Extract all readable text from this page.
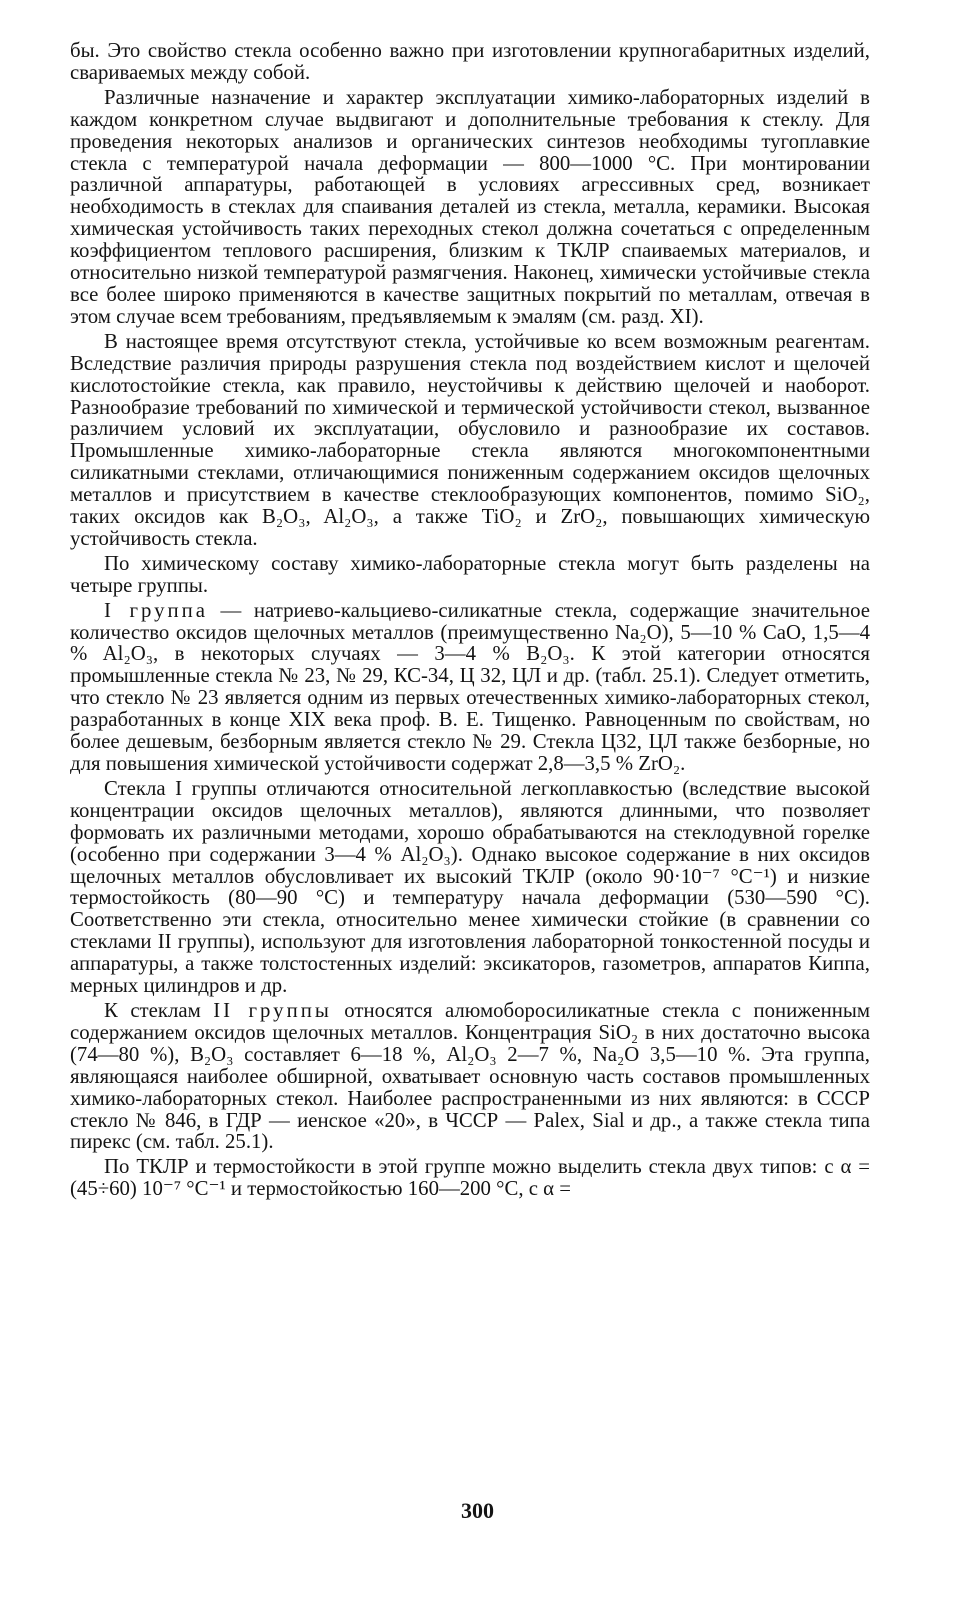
бы. Это свойство стекла особенно важно при изготовлении крупногабаритных изделий, свариваемых между собой.

Различные назначение и характер эксплуатации химико-лабораторных изделий в каждом конкретном случае выдвигают и дополнительные требования к стеклу. Для проведения некоторых анализов и органических синтезов необходимы тугоплавкие стекла с температурой начала деформации — 800—1000 °C. При монтировании различной аппаратуры, работающей в условиях агрессивных сред, возникает необходимость в стеклах для спаивания деталей из стекла, металла, керамики. Высокая химическая устойчивость таких переходных стекол должна сочетаться с определенным коэффициентом теплового расширения, близким к ТКЛР спаиваемых материалов, и относительно низкой температурой размягчения. Наконец, химически устойчивые стекла все более широко применяются в качестве защитных покрытий по металлам, отвечая в этом случае всем требованиям, предъявляемым к эмалям (см. разд. XI).

В настоящее время отсутствуют стекла, устойчивые ко всем возможным реагентам. Вследствие различия природы разрушения стекла под воздействием кислот и щелочей кислотостойкие стекла, как правило, неустойчивы к действию щелочей и наоборот. Разнообразие требований по химической и термической устойчивости стекол, вызванное различием условий их эксплуатации, обусловило и разнообразие их составов. Промышленные химико-лабораторные стекла являются многокомпонентными силикатными стеклами, отличающимися пониженным содержанием оксидов щелочных металлов и присутствием в качестве стеклообразующих компонентов, помимо SiO₂, таких оксидов как B₂O₃, Al₂O₃, а также TiO₂ и ZrO₂, повышающих химическую устойчивость стекла.

По химическому составу химико-лабораторные стекла могут быть разделены на четыре группы.

I группа — натриево-кальциево-силикатные стекла, содержащие значительное количество оксидов щелочных металлов (преимущественно Na₂O), 5—10 % CaO, 1,5—4 % Al₂O₃, в некоторых случаях — 3—4 % B₂O₃. К этой категории относятся промышленные стекла № 23, № 29, КС-34, Ц 32, ЦЛ и др. (табл. 25.1). Следует отметить, что стекло № 23 является одним из первых отечественных химико-лабораторных стекол, разработанных в конце XIX века проф. В. Е. Тищенко. Равноценным по свойствам, но более дешевым, безборным является стекло № 29. Стекла Ц32, ЦЛ также безборные, но для повышения химической устойчивости содержат 2,8—3,5 % ZrO₂.

Стекла I группы отличаются относительной легкоплавкостью (вследствие высокой концентрации оксидов щелочных металлов), являются длинными, что позволяет формовать их различными методами, хорошо обрабатываются на стеклодувной горелке (особенно при содержании 3—4 % Al₂O₃). Однако высокое содержание в них оксидов щелочных металлов обусловливает их высокий ТКЛР (около 90·10⁻⁷ °C⁻¹) и низкие термостойкость (80—90 °C) и температуру начала деформации (530—590 °C). Соответственно эти стекла, относительно менее химически стойкие (в сравнении со стеклами II группы), используют для изготовления лабораторной тонкостенной посуды и аппаратуры, а также толстостенных изделий: эксикаторов, газометров, аппаратов Киппа, мерных цилиндров и др.

К стеклам II группы относятся алюмоборосиликатные стекла с пониженным содержанием оксидов щелочных металлов. Концентрация SiO₂ в них достаточно высока (74—80 %), B₂O₃ составляет 6—18 %, Al₂O₃ 2—7 %, Na₂O 3,5—10 %. Эта группа, являющаяся наиболее обширной, охватывает основную часть составов промышленных химико-лабораторных стекол. Наиболее распространенными из них являются: в СССР стекло № 846, в ГДР — иенское «20», в ЧССР — Palex, Sial и др., а также стекла типа пирекс (см. табл. 25.1).

По ТКЛР и термостойкости в этой группе можно выделить стекла двух типов: с α = (45÷60) 10⁻⁷ °C⁻¹ и термостойкостью 160—200 °C, с α =

300
